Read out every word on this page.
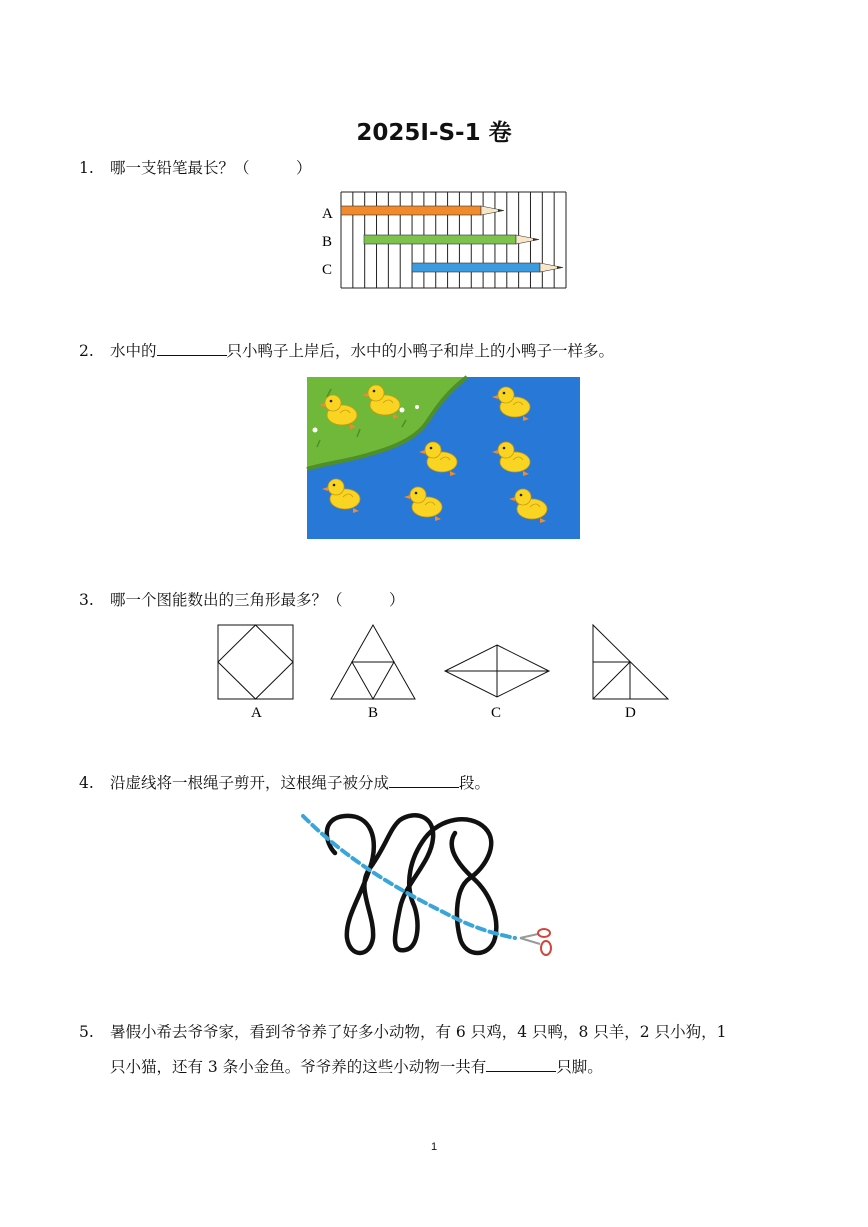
2025I-S-1 卷
1. 哪一支铅笔最长？（　　　）
A
B
C
2. 水中的	只小鸭子上岸后，水中的小鸭子和岸上的小鸭子一样多。
3. 哪一个图能数出的三角形最多？（　　　）
A	B	C	D
4. 沿虚线将一根绳子剪开，这根绳子被分成	段。
5. 暑假小希去爷爷家，看到爷爷养了好多小动物，有 6 只鸡，4 只鸭，8 只羊，2 只小狗，1
只小猫，还有 3 条小金鱼。爷爷养的这些小动物一共有	只脚。
1
